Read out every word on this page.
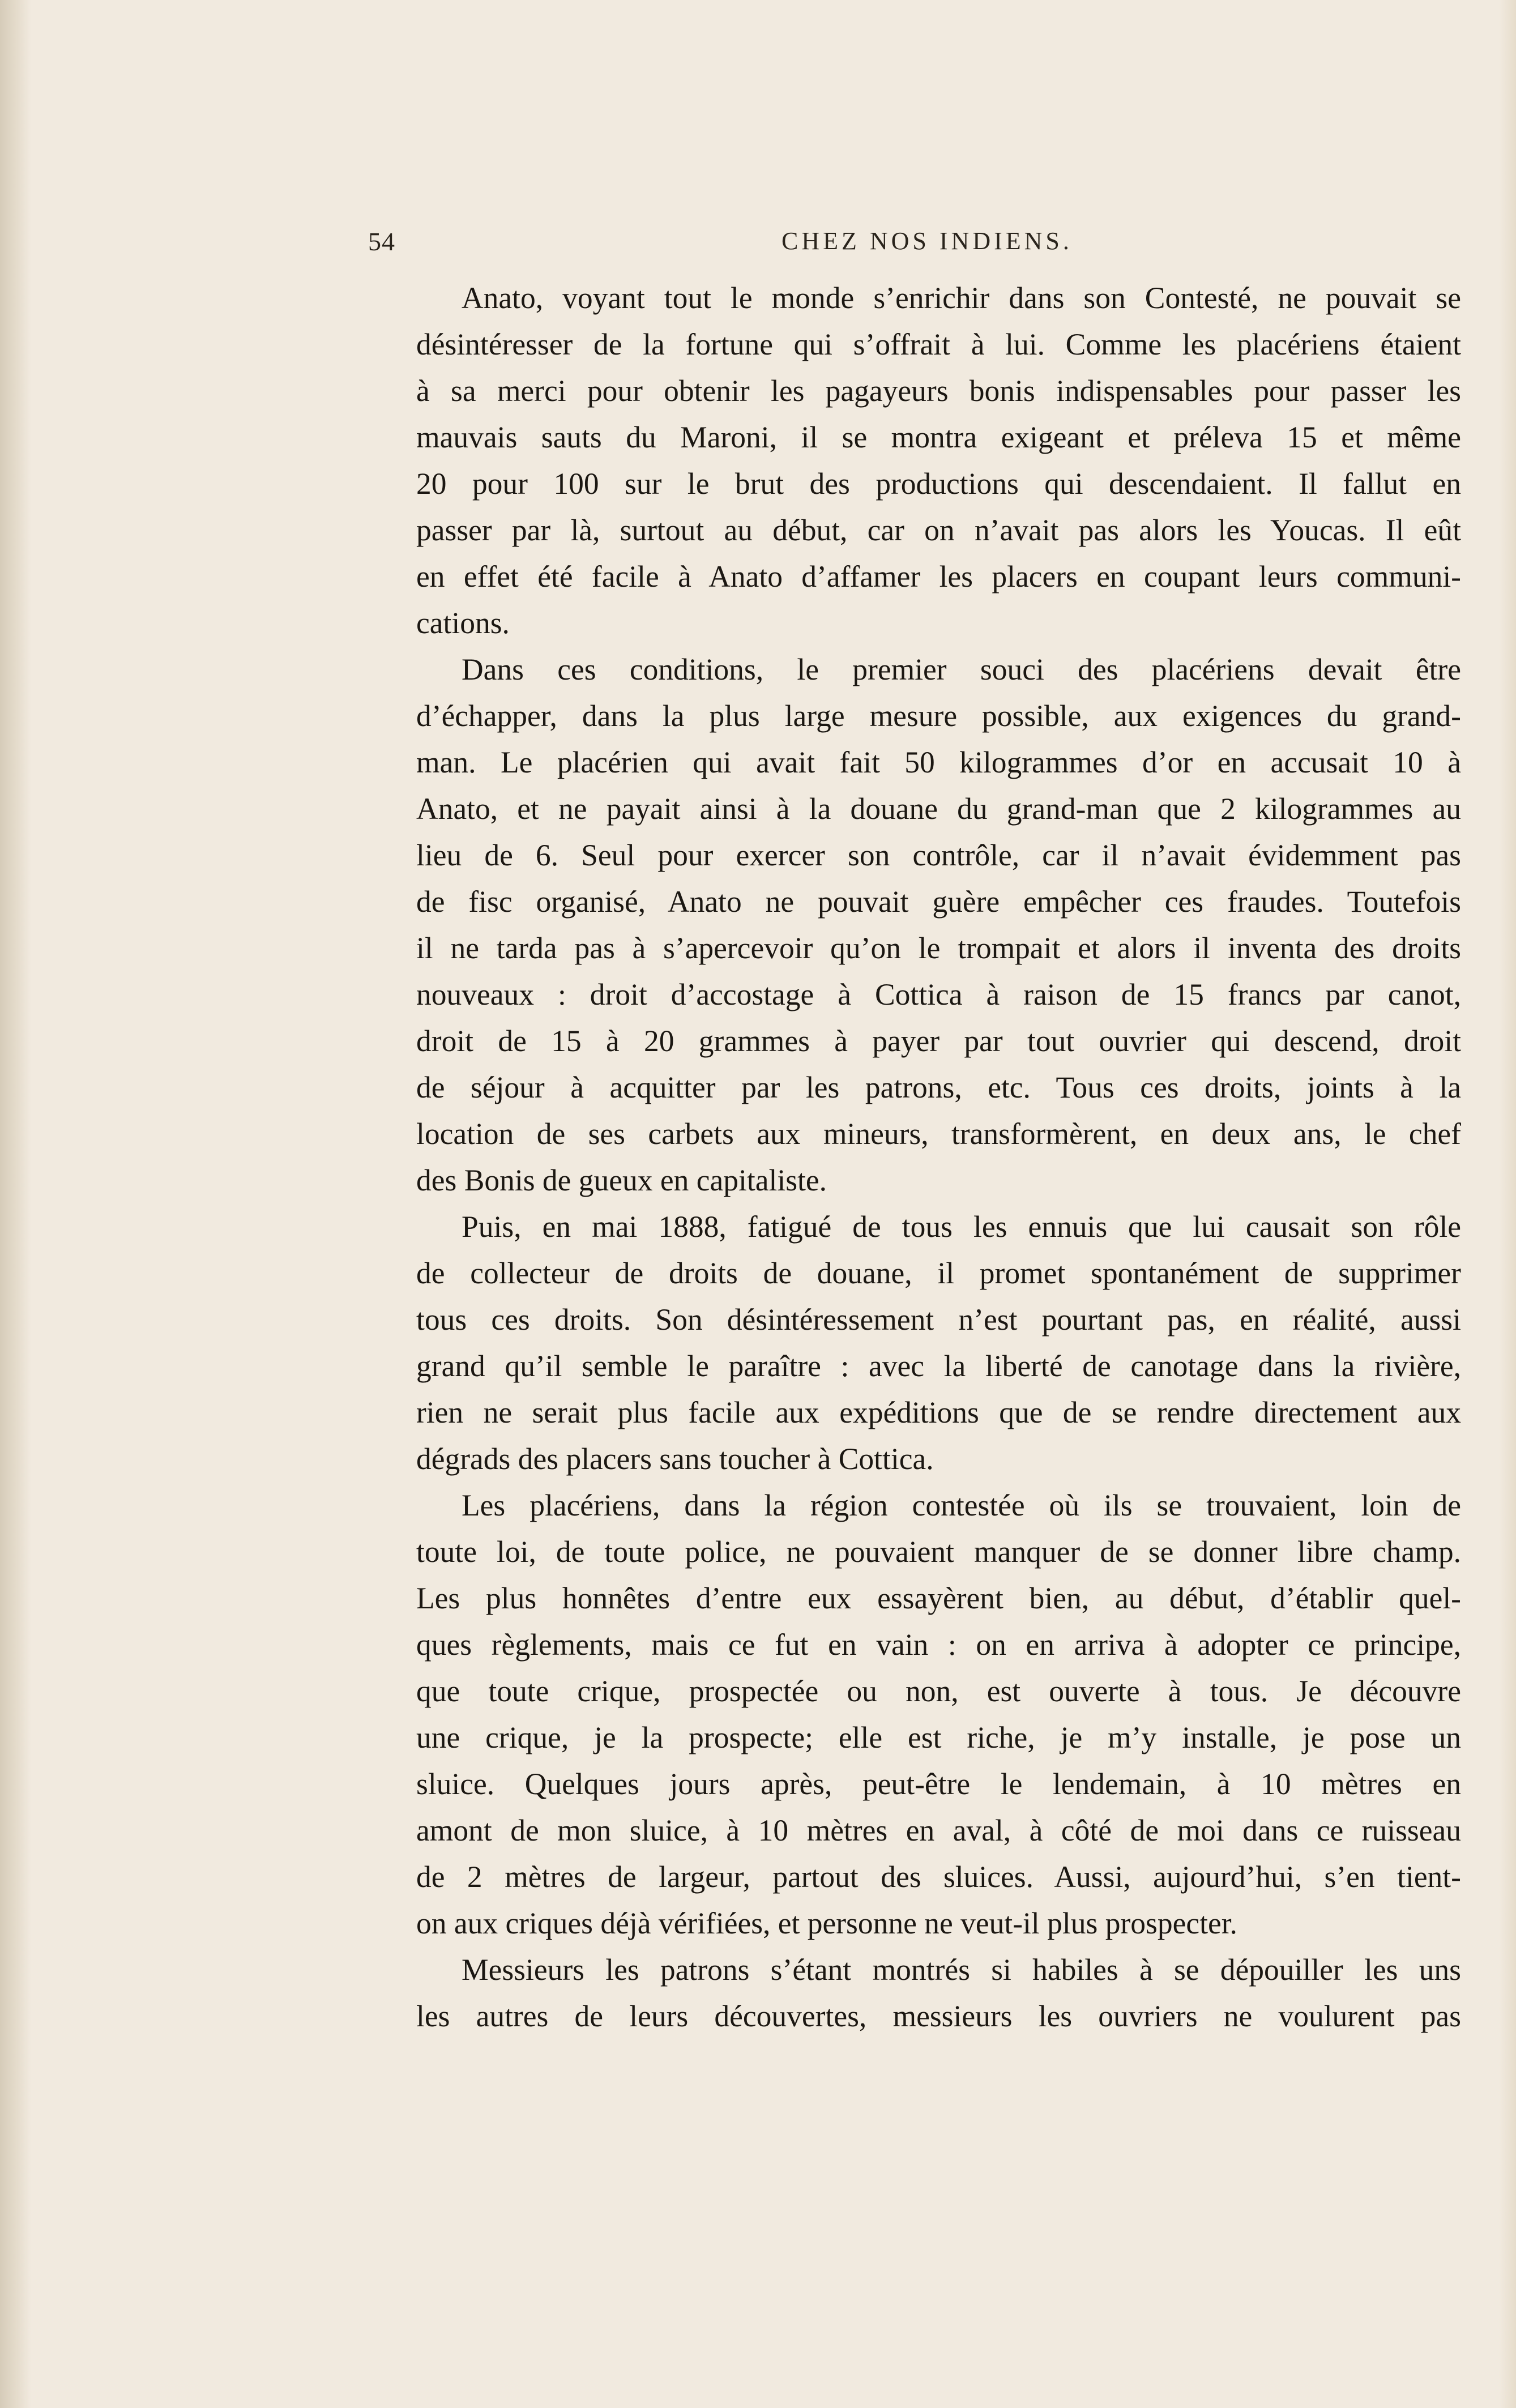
54	CHEZ NOS INDIENS.

Anato, voyant tout le monde s’enrichir dans son Contesté, ne pouvait se
désintéresser de la fortune qui s’offrait à lui. Comme les placériens étaient
à sa merci pour obtenir les pagayeurs bonis indispensables pour passer les
mauvais sauts du Maroni, il se montra exigeant et préleva 15 et même
20 pour 100 sur le brut des productions qui descendaient. Il fallut en
passer par là, surtout au début, car on n’avait pas alors les Youcas. Il eût
en effet été facile à Anato d’affamer les placers en coupant leurs communi-
cations.

Dans ces conditions, le premier souci des placériens devait être
d’échapper, dans la plus large mesure possible, aux exigences du grand-
man. Le placérien qui avait fait 50 kilogrammes d’or en accusait 10 à
Anato, et ne payait ainsi à la douane du grand-man que 2 kilogrammes au
lieu de 6. Seul pour exercer son contrôle, car il n’avait évidemment pas
de fisc organisé, Anato ne pouvait guère empêcher ces fraudes. Toutefois
il ne tarda pas à s’apercevoir qu’on le trompait et alors il inventa des droits
nouveaux : droit d’accostage à Cottica à raison de 15 francs par canot,
droit de 15 à 20 grammes à payer par tout ouvrier qui descend, droit
de séjour à acquitter par les patrons, etc. Tous ces droits, joints à la
location de ses carbets aux mineurs, transformèrent, en deux ans, le chef
des Bonis de gueux en capitaliste.

Puis, en mai 1888, fatigué de tous les ennuis que lui causait son rôle
de collecteur de droits de douane, il promet spontanément de supprimer
tous ces droits. Son désintéressement n’est pourtant pas, en réalité, aussi
grand qu’il semble le paraître : avec la liberté de canotage dans la rivière,
rien ne serait plus facile aux expéditions que de se rendre directement aux
dégrads des placers sans toucher à Cottica.

Les placériens, dans la région contestée où ils se trouvaient, loin de
toute loi, de toute police, ne pouvaient manquer de se donner libre champ.
Les plus honnêtes d’entre eux essayèrent bien, au début, d’établir quel-
ques règlements, mais ce fut en vain : on en arriva à adopter ce principe,
que toute crique, prospectée ou non, est ouverte à tous. Je découvre
une crique, je la prospecte; elle est riche, je m’y installe, je pose un
sluice. Quelques jours après, peut-être le lendemain, à 10 mètres en
amont de mon sluice, à 10 mètres en aval, à côté de moi dans ce ruisseau
de 2 mètres de largeur, partout des sluices. Aussi, aujourd’hui, s’en tient-
on aux criques déjà vérifiées, et personne ne veut-il plus prospecter.

Messieurs les patrons s’étant montrés si habiles à se dépouiller les uns
les autres de leurs découvertes, messieurs les ouvriers ne voulurent pas
